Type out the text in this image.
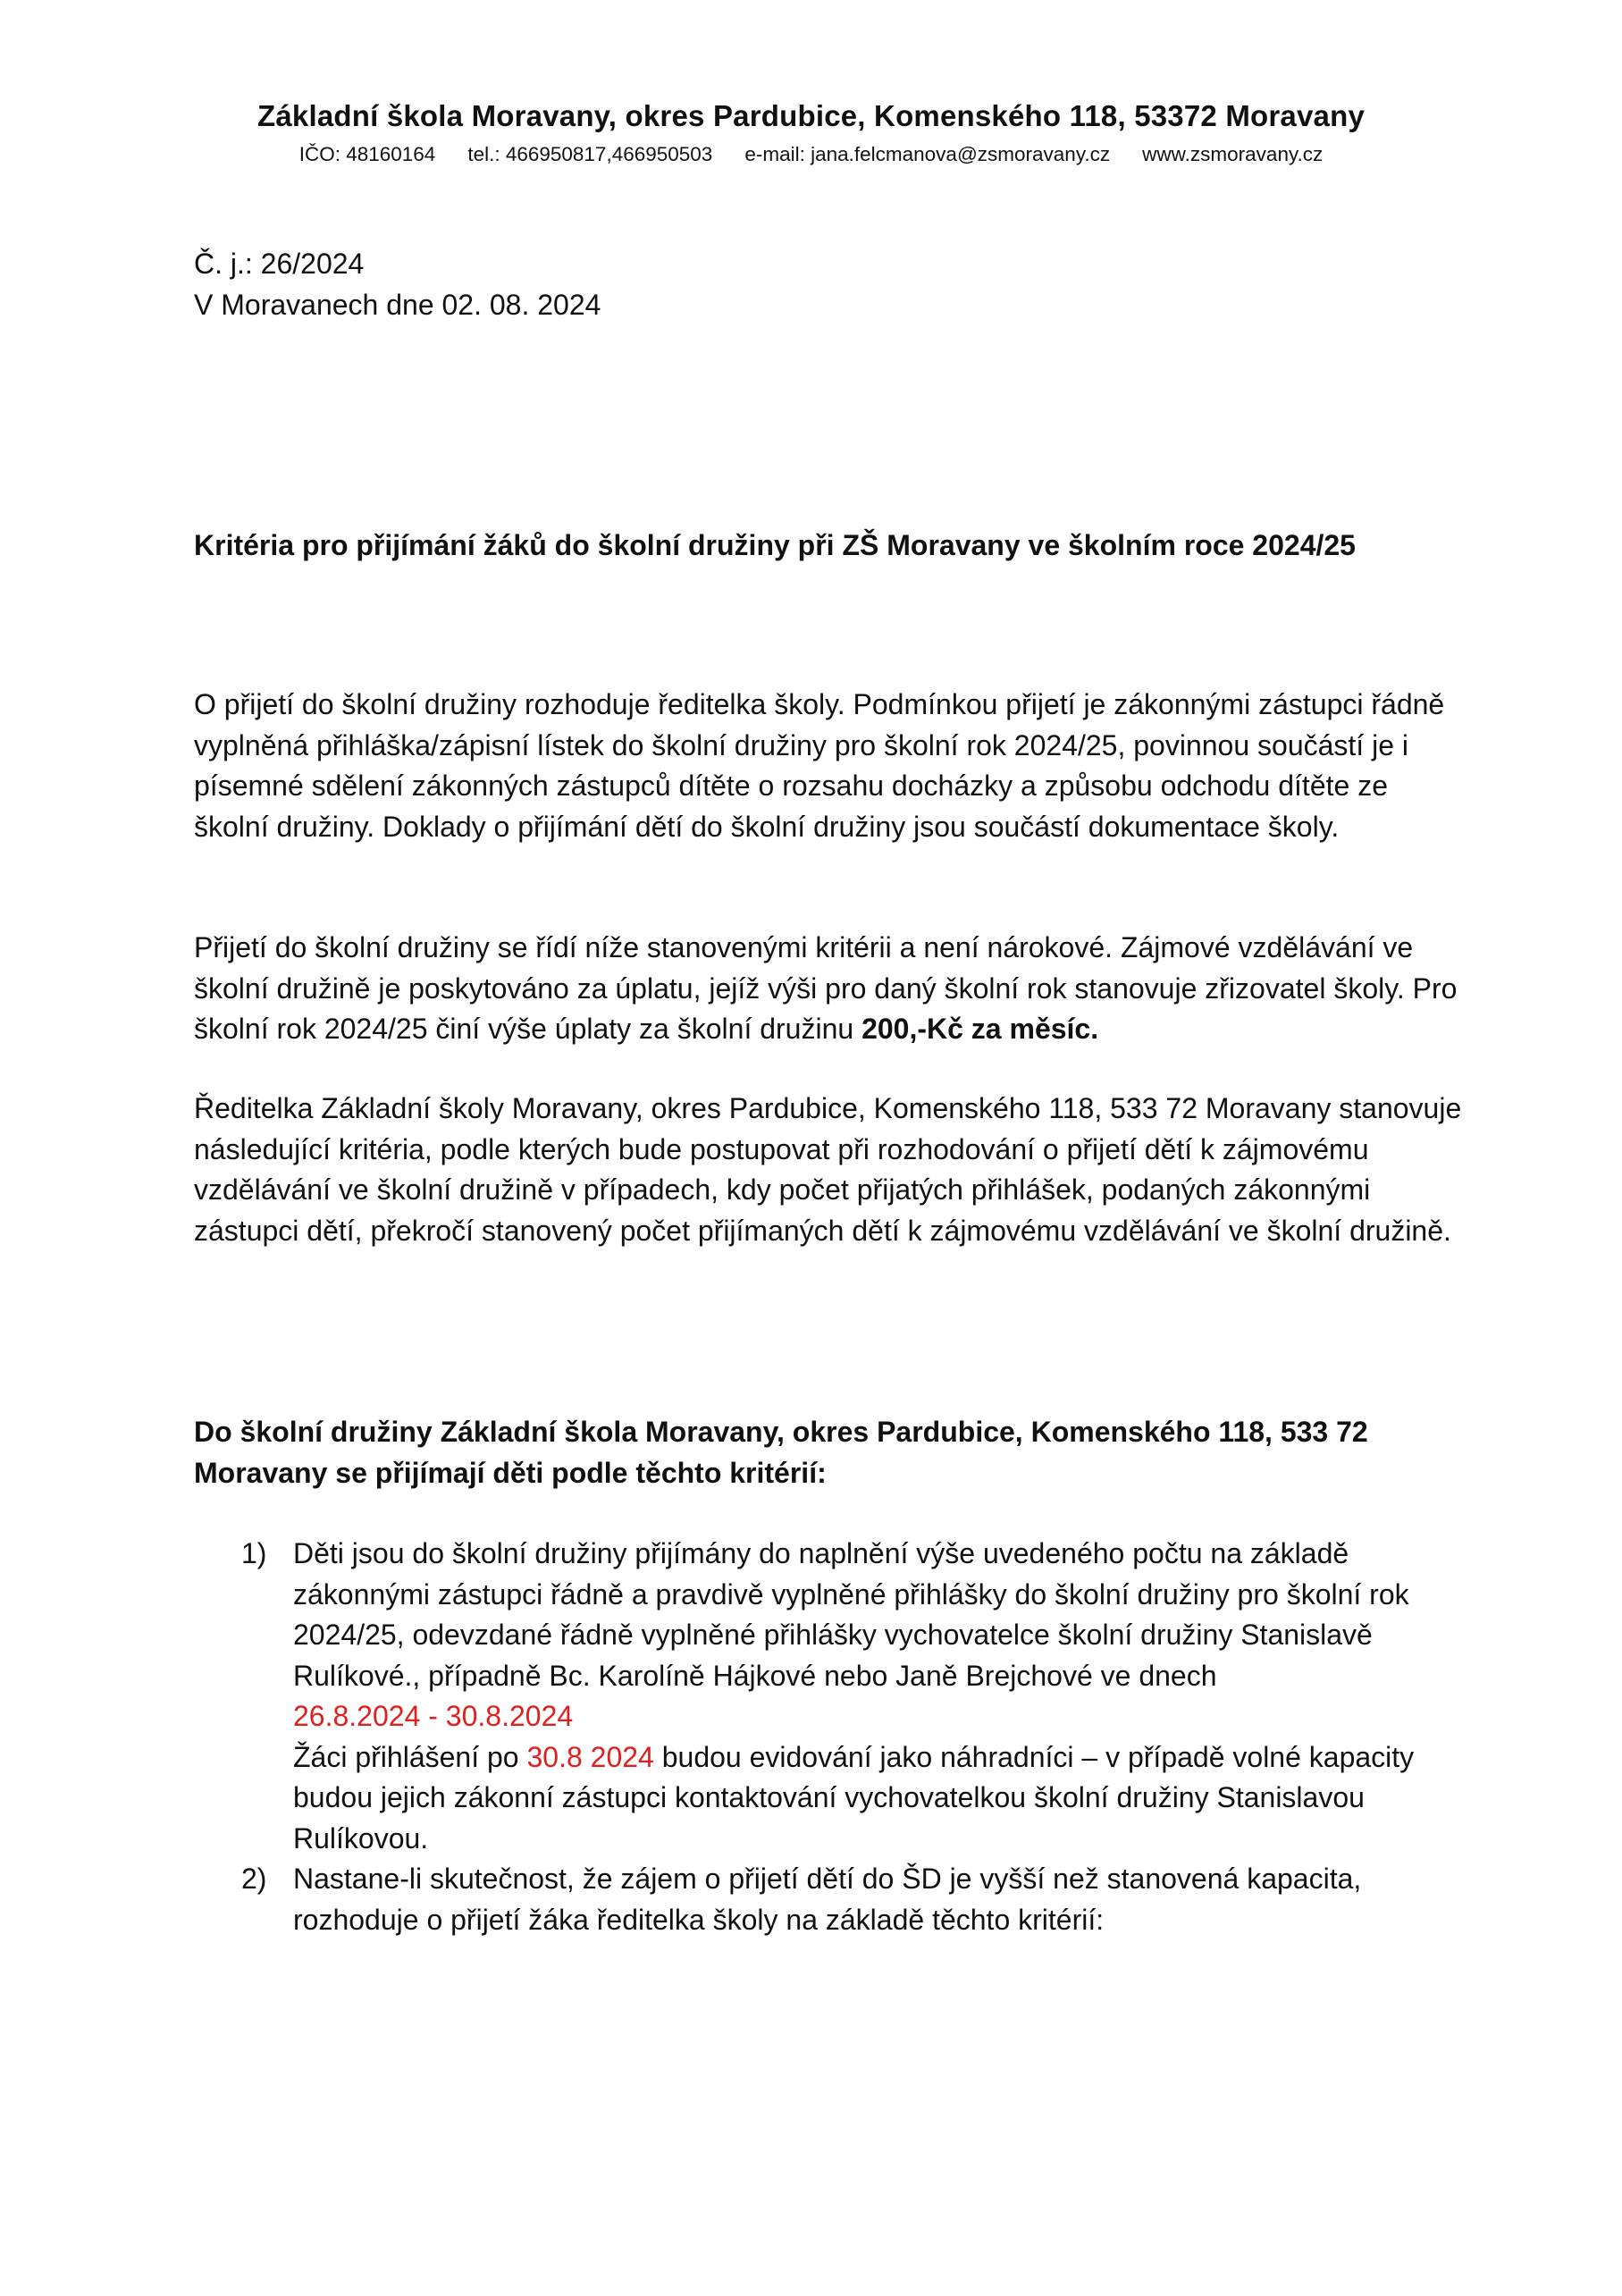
Základní škola Moravany, okres Pardubice, Komenského 118, 53372 Moravany
IČO: 48160164 tel.: 466950817,466950503 e-mail: jana.felcmanova@zsmoravany.cz www.zsmoravany.cz
Č. j.: 26/2024
V Moravanech dne 02. 08. 2024
Kritéria pro přijímání žáků do školní družiny při ZŠ Moravany ve školním roce 2024/25

O přijetí do školní družiny rozhoduje ředitelka školy. Podmínkou přijetí je zákonnými zástupci řádně vyplněná přihláška/zápisní lístek do školní družiny pro školní rok 2024/25, povinnou součástí je i písemné sdělení zákonných zástupců dítěte o rozsahu docházky a způsobu odchodu dítěte ze školní družiny. Doklady o přijímání dětí do školní družiny jsou součástí dokumentace školy.

Přijetí do školní družiny se řídí níže stanovenými kritérii a není nárokové. Zájmové vzdělávání ve školní družině je poskytováno za úplatu, jejíž výši pro daný školní rok stanovuje zřizovatel školy. Pro školní rok 2024/25 činí výše úplaty za školní družinu 200,-Kč za měsíc.

Ředitelka Základní školy Moravany, okres Pardubice, Komenského 118, 533 72 Moravany stanovuje následující kritéria, podle kterých bude postupovat při rozhodování o přijetí dětí k zájmovému vzdělávání ve školní družině v případech, kdy počet přijatých přihlášek, podaných zákonnými zástupci dětí, překročí stanovený počet přijímaných dětí k zájmovému vzdělávání ve školní družině.

Do školní družiny Základní škola Moravany, okres Pardubice, Komenského 118, 533 72 Moravany se přijímají děti podle těchto kritérií:
1) Děti jsou do školní družiny přijímány do naplnění výše uvedeného počtu na základě zákonnými zástupci řádně a pravdivě vyplněné přihlášky do školní družiny pro školní rok 2024/25, odevzdané řádně vyplněné přihlášky vychovatelce školní družiny Stanislavě Rulíkové., případně Bc. Karolíně Hájkové nebo Janě Brejchové ve dnech
26.8.2024 - 30.8.2024
Žáci přihlášení po 30.8 2024 budou evidování jako náhradníci – v případě volné kapacity budou jejich zákonní zástupci kontaktování vychovatelkou školní družiny Stanislavou Rulíkovou.
2) Nastane-li skutečnost, že zájem o přijetí dětí do ŠD je vyšší než stanovená kapacita, rozhoduje o přijetí žáka ředitelka školy na základě těchto kritérií:
